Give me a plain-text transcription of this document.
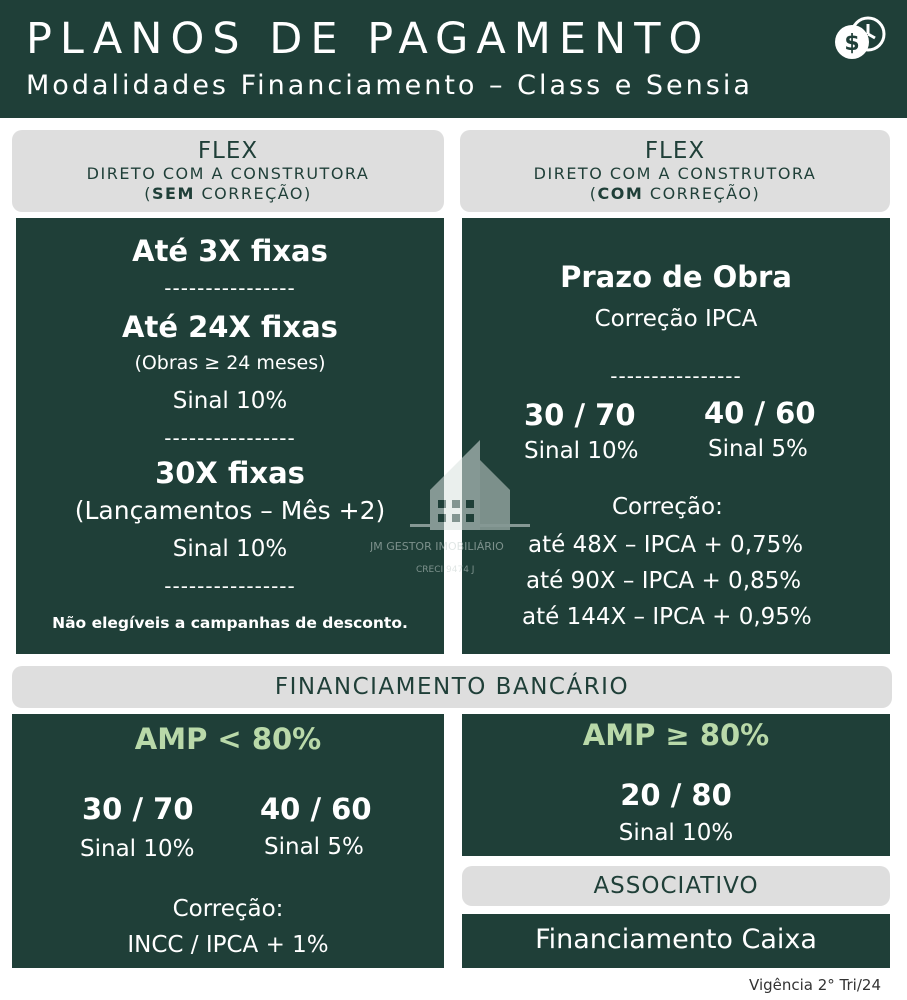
PLANOS DE PAGAMENTO
Modalidades Financiamento – Class e Sensia
$
FLEX
DIRETO COM A CONSTRUTORA
(SEM CORREÇÃO)
Até 3X fixas
----------------
Até 24X fixas
(Obras ≥ 24 meses)
Sinal 10%
----------------
30X fixas
(Lançamentos – Mês +2)
Sinal 10%
----------------
Não elegíveis a campanhas de desconto.
FLEX
DIRETO COM A CONSTRUTORA
(COM CORREÇÃO)
Prazo de Obra
Correção IPCA
----------------
30 / 70
Sinal 10%
40 / 60
Sinal 5%
Correção:
até 48X – IPCA + 0,75%
até 90X – IPCA + 0,85%
até 144X – IPCA + 0,95%
JM GESTOR IMOBILIÁRIO
CRECI 9474 J
FINANCIAMENTO BANCÁRIO
AMP < 80%
30 / 70
Sinal 10%
40 / 60
Sinal 5%
Correção:
INCC / IPCA + 1%
AMP ≥ 80%
20 / 80
Sinal 10%
ASSOCIATIVO
Financiamento Caixa
Vigência 2° Tri/24
